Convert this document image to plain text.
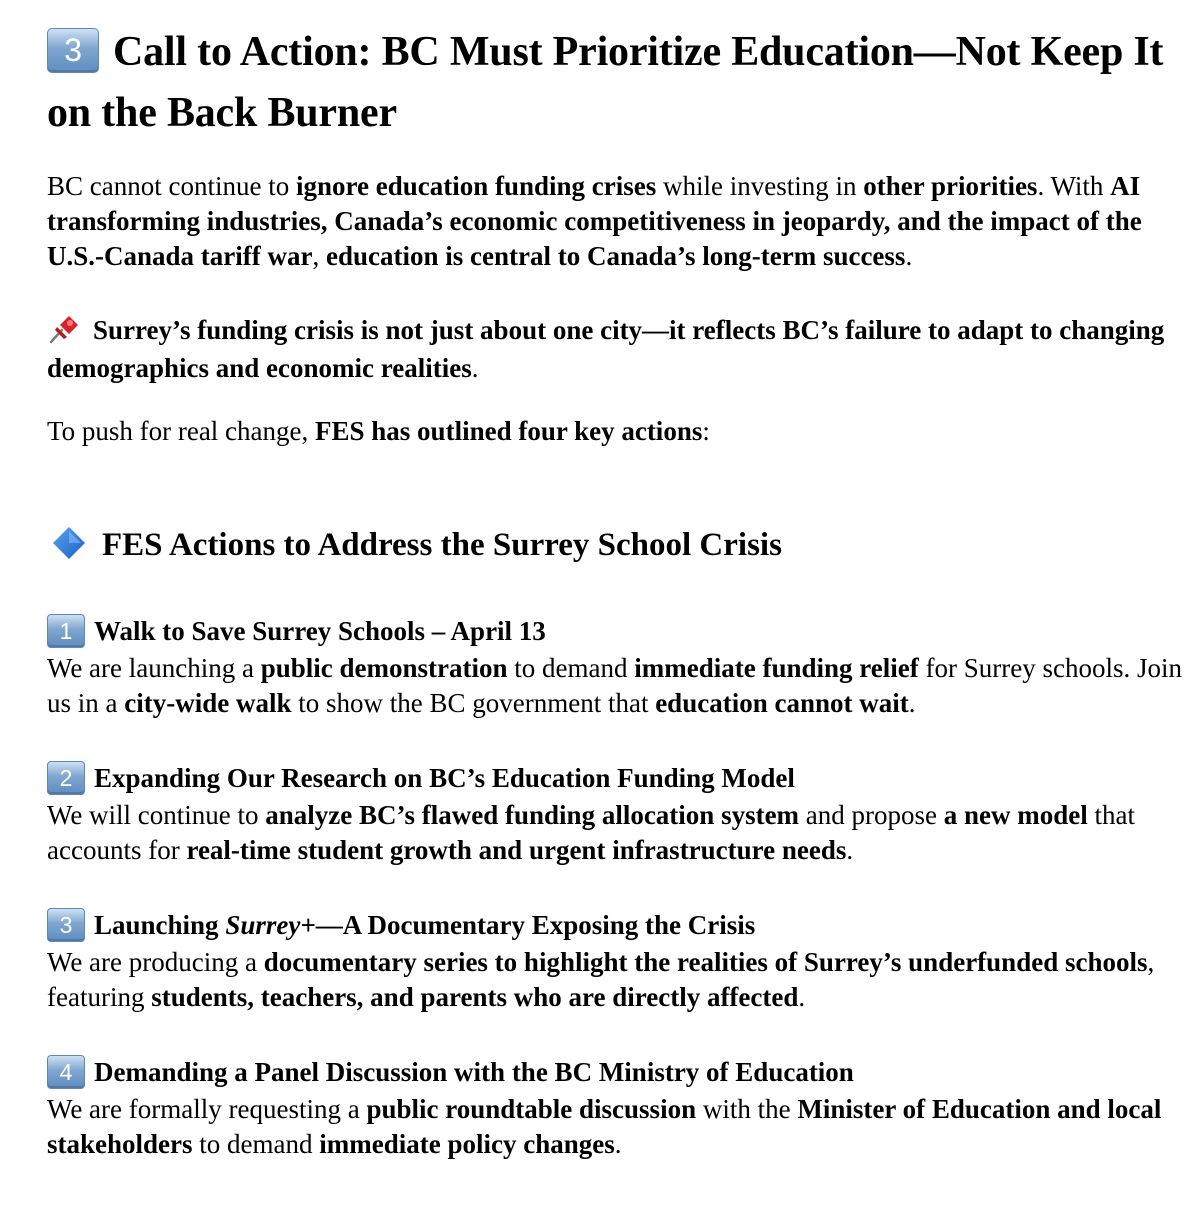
3 Call to Action: BC Must Prioritize Education—Not Keep It on the Back Burner

BC cannot continue to ignore education funding crises while investing in other priorities. With AI transforming industries, Canada’s economic competitiveness in jeopardy, and the impact of the U.S.-Canada tariff war, education is central to Canada’s long-term success.

Surrey’s funding crisis is not just about one city—it reflects BC’s failure to adapt to changing demographics and economic realities.

To push for real change, FES has outlined four key actions:

FES Actions to Address the Surrey School Crisis

1 Walk to Save Surrey Schools – April 13

We are launching a public demonstration to demand immediate funding relief for Surrey schools. Join us in a city-wide walk to show the BC government that education cannot wait.

2 Expanding Our Research on BC’s Education Funding Model

We will continue to analyze BC’s flawed funding allocation system and propose a new model that accounts for real-time student growth and urgent infrastructure needs.

3 Launching Surrey+—A Documentary Exposing the Crisis

We are producing a documentary series to highlight the realities of Surrey’s underfunded schools, featuring students, teachers, and parents who are directly affected.

4 Demanding a Panel Discussion with the BC Ministry of Education

We are formally requesting a public roundtable discussion with the Minister of Education and local stakeholders to demand immediate policy changes.
